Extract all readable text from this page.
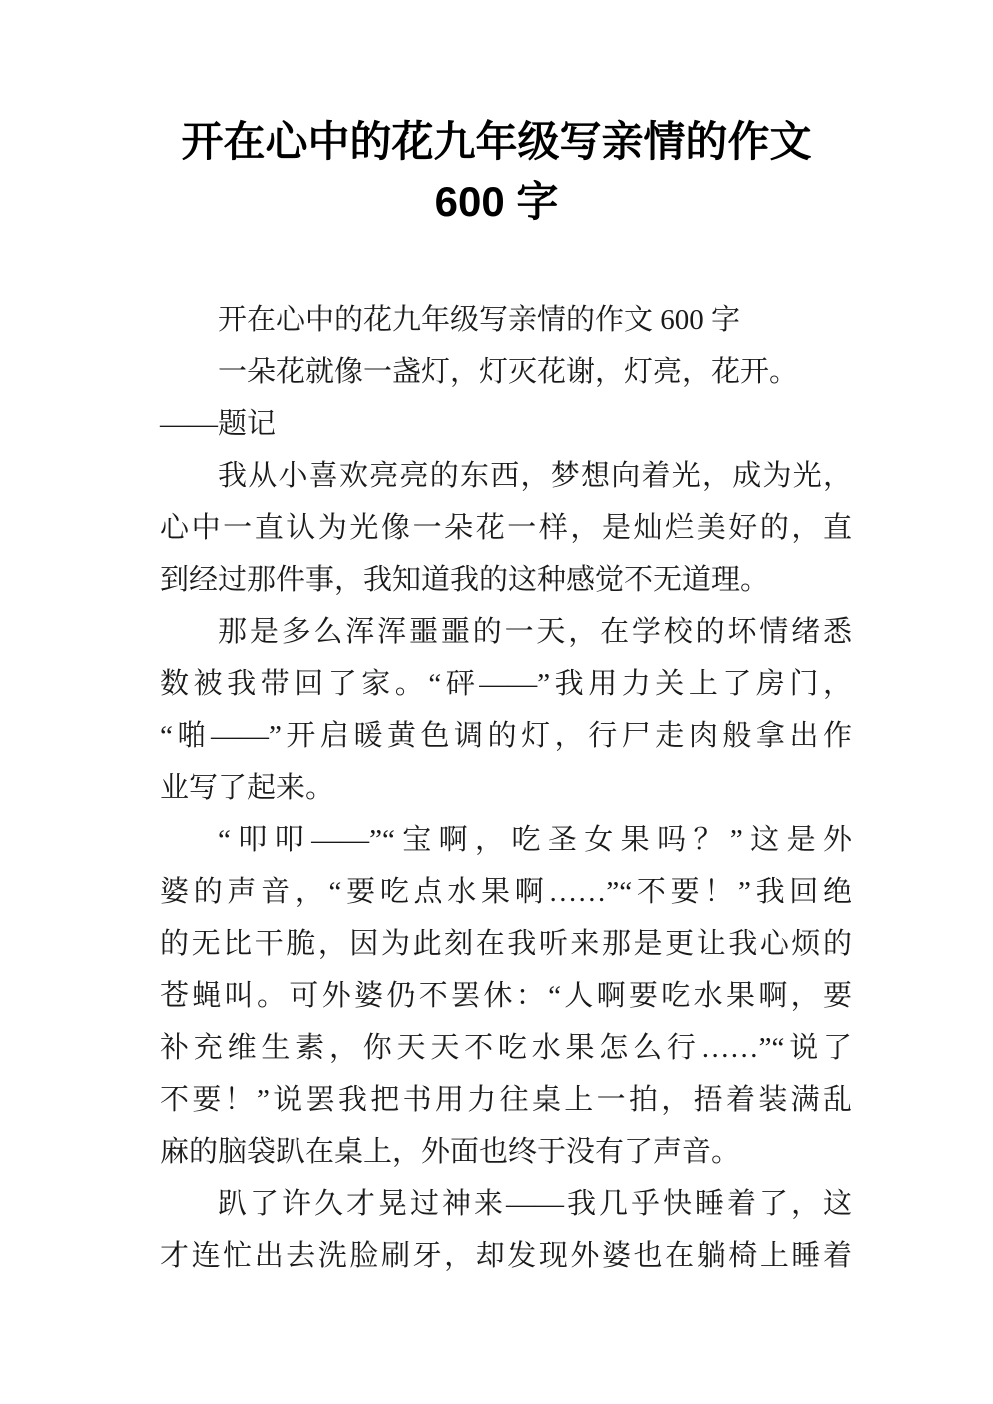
开在心中的花九年级写亲情的作文
600 字
开在心中的花九年级写亲情的作文 600 字
一朵花就像一盏灯，灯灭花谢，灯亮，花开。
——题记
我从小喜欢亮亮的东西，梦想向着光，成为光，
心中一直认为光像一朵花一样，是灿烂美好的，直
到经过那件事，我知道我的这种感觉不无道理。
那是多么浑浑噩噩的一天，在学校的坏情绪悉
数被我带回了家。“砰——”我用力关上了房门，
“啪——”开启暖黄色调的灯，行尸走肉般拿出作
业写了起来。
“叩叩——”“宝啊，吃圣女果吗？”这是外
婆的声音，“要吃点水果啊……”“不要！”我回绝
的无比干脆，因为此刻在我听来那是更让我心烦的
苍蝇叫。可外婆仍不罢休：“人啊要吃水果啊，要
补充维生素，你天天不吃水果怎么行……”“说了
不要！”说罢我把书用力往桌上一拍，捂着装满乱
麻的脑袋趴在桌上，外面也终于没有了声音。
趴了许久才晃过神来——我几乎快睡着了，这
才连忙出去洗脸刷牙，却发现外婆也在躺椅上睡着
